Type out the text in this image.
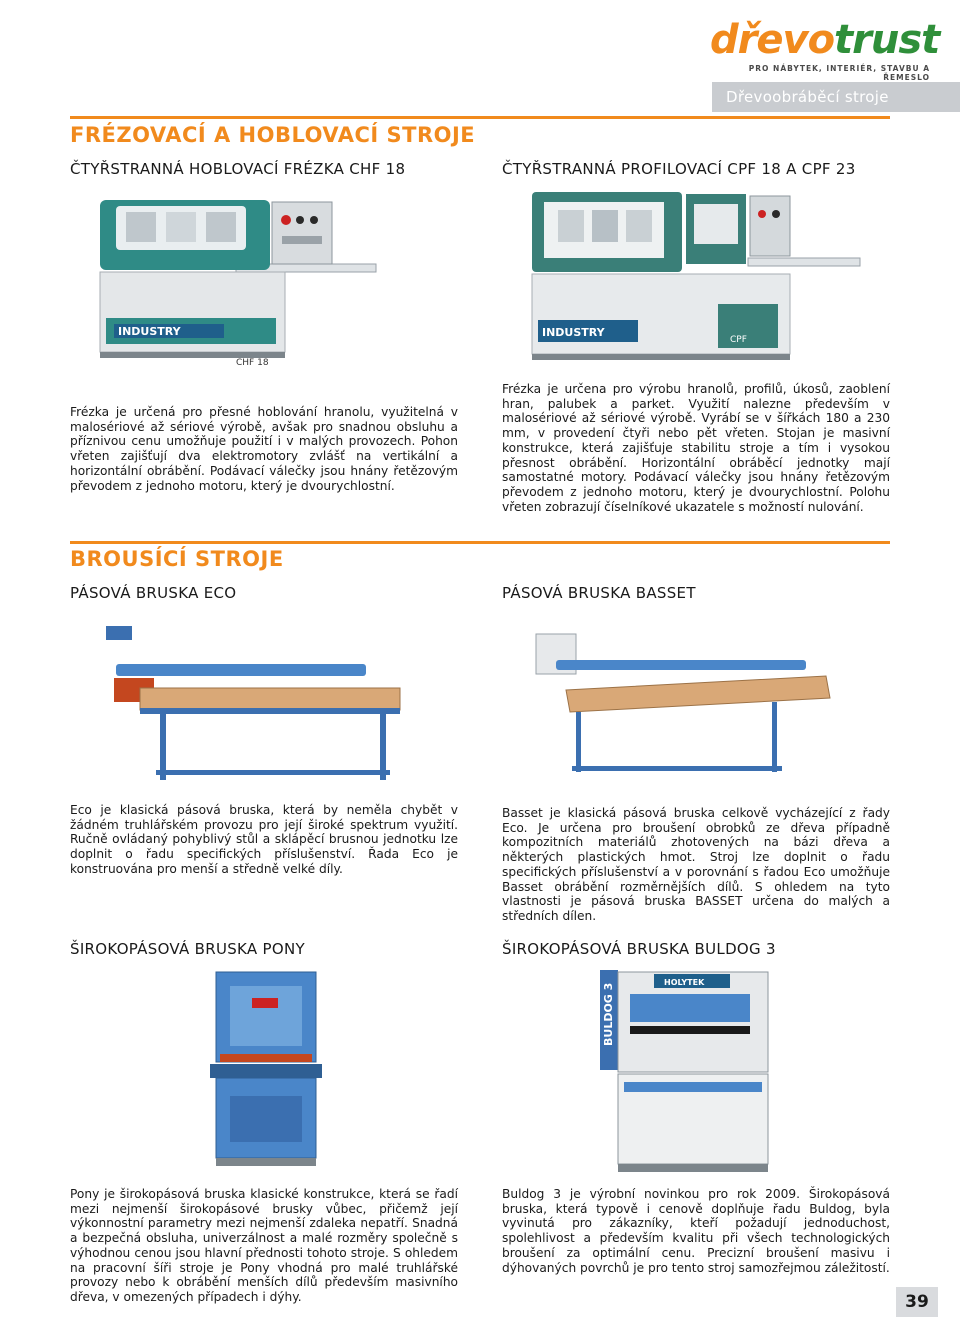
dřevotrust
PRO NÁBYTEK, INTERIÉR, STAVBU A ŘEMESLO
Dřevoobráběcí stroje
FRÉZOVACÍ A HOBLOVACÍ STROJE
ČTYŘSTRANNÁ HOBLOVACÍ FRÉZKA CHF 18	ČTYŘSTRANNÁ PROFILOVACÍ CPF 18 A CPF 23
INDUSTRY
CHF 18
INDUSTRY
CPF
Frézka je určená pro přesné hoblování hranolu, využitelná v malosériové až sériové výrobě, avšak pro snadnou obsluhu a příznivou cenu umožňuje použití i v malých provozech. Pohon vřeten zajišťují dva elektromotory zvlášť na vertikální a horizontální obrábění. Podávací válečky jsou hnány řetězovým převodem z jednoho motoru, který je dvourychlostní.
Frézka je určena pro výrobu hranolů, profilů, úkosů, zaoblení hran, palubek a parket. Využití nalezne především v malosériové až sériové výrobě. Vyrábí se v šířkách 180 a 230 mm, v provedení čtyři nebo pět vřeten. Stojan je masivní konstrukce, která zajišťuje stabilitu stroje a tím i vysokou přesnost obrábění. Horizontální obráběcí jednotky mají samostatné motory. Podávací válečky jsou hnány řetězovým převodem z jednoho motoru, který je dvourychlostní. Polohu vřeten zobrazují číselníkové ukazatele s možností nulování.
BROUSÍCÍ STROJE
PÁSOVÁ BRUSKA ECO	PÁSOVÁ BRUSKA BASSET
Eco je klasická pásová bruska, která by neměla chybět v žádném truhlářském provozu pro její široké spektrum využití. Ručně ovládaný pohyblivý stůl a sklápěcí brusnou jednotku lze doplnit o řadu specifických příslušenství. Řada Eco je konstruována pro menší a středně velké díly.
Basset je klasická pásová bruska celkově vycházející z řady Eco. Je určena pro broušení obrobků ze dřeva případně kompozitních materiálů zhotovených na bázi dřeva a některých plastických hmot. Stroj lze doplnit o řadu specifických příslušenství a v porovnání s řadou Eco umožňuje Basset obrábění rozměrnějších dílů. S ohledem na tyto vlastnosti je pásová bruska BASSET určena do malých a středních dílen.
ŠIROKOPÁSOVÁ BRUSKA PONY	ŠIROKOPÁSOVÁ BRUSKA BULDOG 3
BULDOG 3
HOLYTEK
Pony je širokopásová bruska klasické konstrukce, která se řadí mezi nejmenší širokopásové brusky vůbec, přičemž její výkonnostní parametry mezi nejmenší zdaleka nepatří. Snadná a bezpečná obsluha, univerzálnost a malé rozměry společně s výhodnou cenou jsou hlavní přednosti tohoto stroje. S ohledem na pracovní šíři stroje je Pony vhodná pro malé truhlářské provozy nebo k obrábění menších dílů především masivního dřeva, v omezených případech i dýhy.
Buldog 3 je výrobní novinkou pro rok 2009. Širokopásová bruska, která typově i cenově doplňuje řadu Buldog, byla vyvinutá pro zákazníky, kteří požadují jednoduchost, spolehlivost a především kvalitu při všech technologických broušení za optimální cenu. Precizní broušení masivu i dýhovaných povrchů je pro tento stroj samozřejmou záležitostí.
39
